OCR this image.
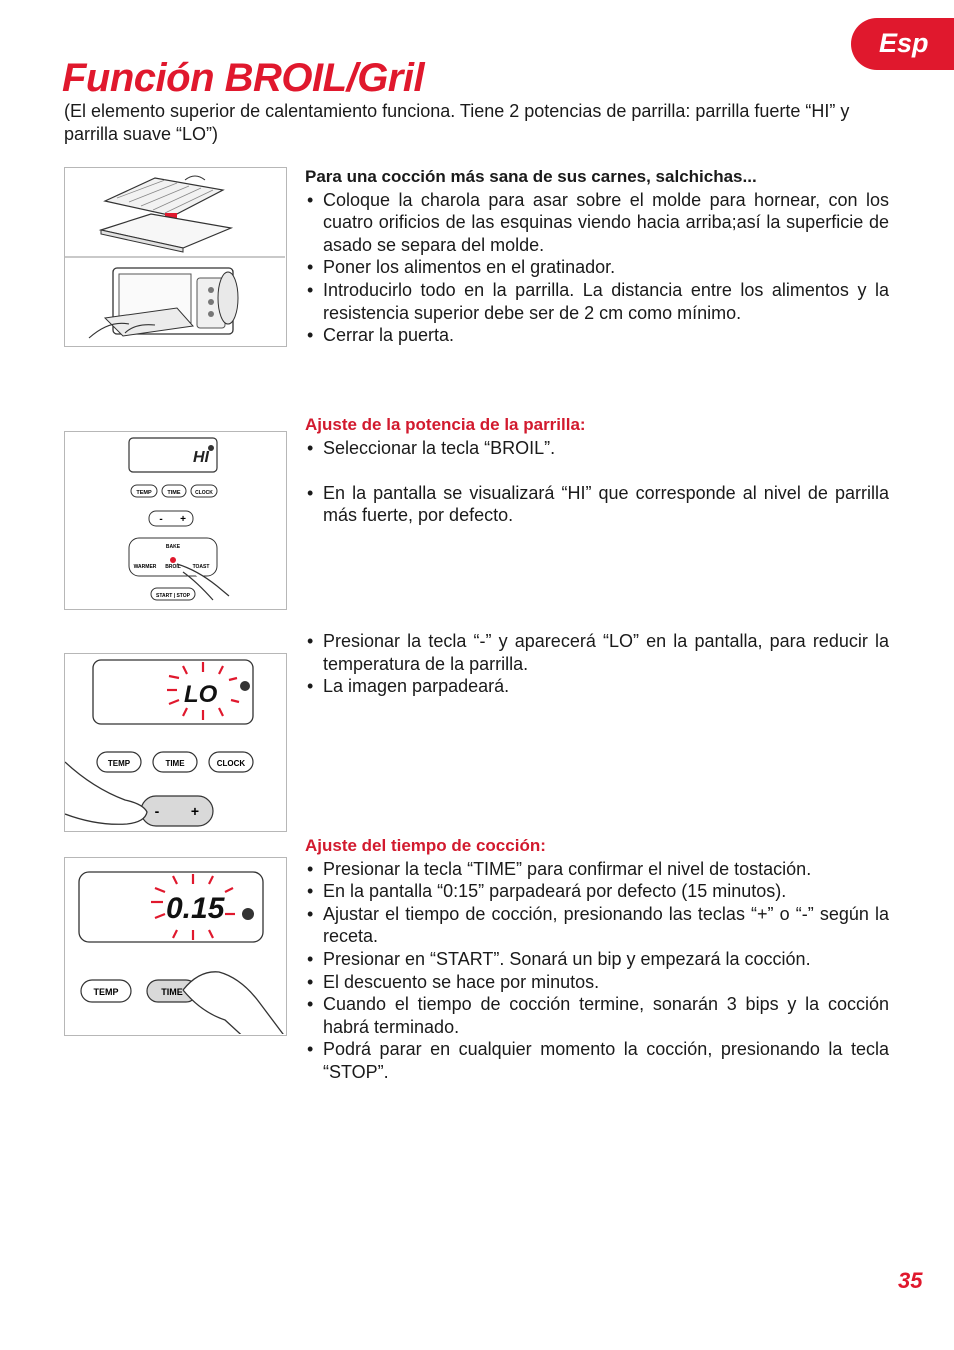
Esp
Función BROIL/Gril

(El elemento superior de calentamiento funciona. Tiene 2 potencias de parrilla: parrilla fuerte “HI” y parrilla suave “LO”)

Para una cocción más sana de sus carnes, salchichas...
• Coloque la charola para asar sobre el molde para hornear, con los cuatro orificios de las esquinas viendo hacia arriba;así la superficie de asado se separa del molde.
• Poner los alimentos en el gratinador.
• Introducirlo todo en la parrilla. La distancia entre los alimentos y la resistencia superior debe ser de 2 cm como mínimo.
• Cerrar la puerta.
HI
TEMP	TIME	CLOCK
- +
BAKE
WARMER BROIL TOAST
START | STOP
Ajuste de la potencia de la parrilla:
• Seleccionar la tecla “BROIL”.
• En la pantalla se visualizará “HI” que corresponde al nivel de parrilla más fuerte, por defecto.
LO
TEMP	TIME	CLOCK
- +
• Presionar la tecla “-” y aparecerá “LO” en la pantalla, para reducir la temperatura de la parrilla.
• La imagen parpadeará.
0.15
TEMP	TIME
Ajuste del tiempo de cocción:
• Presionar la tecla “TIME” para confirmar el nivel de tostación.
• En la pantalla “0:15” parpadeará por defecto (15 minutos).
• Ajustar el tiempo de cocción, presionando las teclas “+” o “-” según la receta.
• Presionar en “START”. Sonará un bip y empezará la cocción.
• El descuento se hace por minutos.
• Cuando el tiempo de cocción termine, sonarán 3 bips y la cocción habrá terminado.
• Podrá parar en cualquier momento la cocción, presionando la tecla “STOP”.
35
